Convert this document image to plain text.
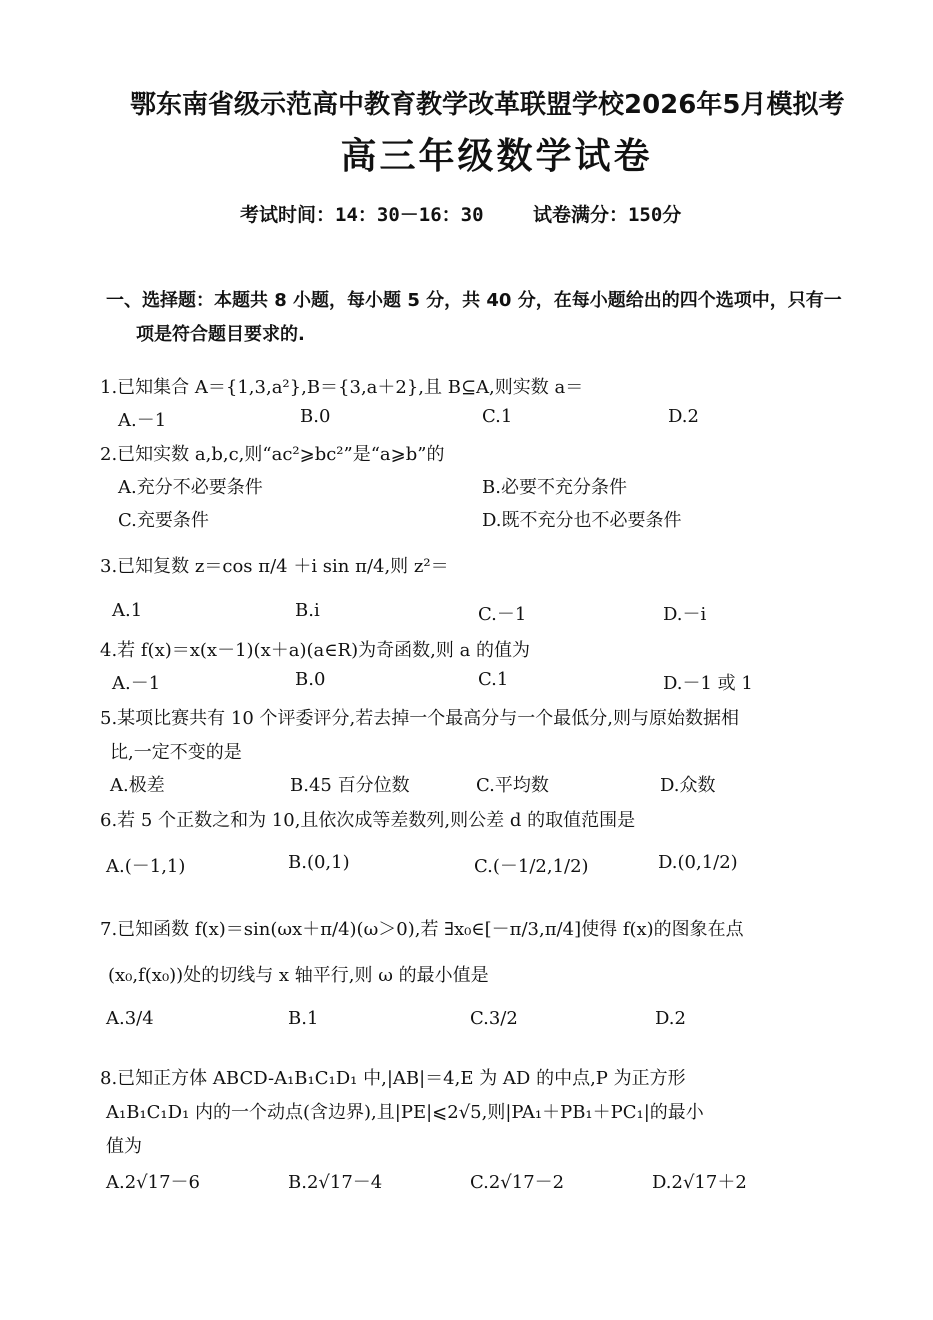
鄂东南省级示范高中教育教学改革联盟学校2026年5月模拟考
高三年级数学试卷
考试时间：14：30－16：30	试卷满分：150分
一、选择题：本题共 8 小题，每小题 5 分，共 40 分，在每小题给出的四个选项中，只有一
项是符合题目要求的.
1.已知集合 A＝{1,3,a²},B＝{3,a＋2},且 B⊆A,则实数 a＝
A.－1	B.0	C.1	D.2
2.已知实数 a,b,c,则“ac²⩾bc²”是“a⩾b”的
A.充分不必要条件	B.必要不充分条件
C.充要条件	D.既不充分也不必要条件
3.已知复数 z＝cos π/4 ＋i sin π/4,则 z²＝
A.1	B.i	C.－1	D.－i
4.若 f(x)＝x(x－1)(x＋a)(a∈R)为奇函数,则 a 的值为
A.－1	B.0	C.1	D.－1 或 1
5.某项比赛共有 10 个评委评分,若去掉一个最高分与一个最低分,则与原始数据相
比,一定不变的是
A.极差	B.45 百分位数	C.平均数	D.众数
6.若 5 个正数之和为 10,且依次成等差数列,则公差 d 的取值范围是
A.(－1,1)	B.(0,1)	C.(－1/2,1/2)	D.(0,1/2)
7.已知函数 f(x)＝sin(ωx＋π/4)(ω＞0),若 ∃x₀∈[－π/3,π/4]使得 f(x)的图象在点
(x₀,f(x₀))处的切线与 x 轴平行,则 ω 的最小值是
A.3/4	B.1	C.3/2	D.2
8.已知正方体 ABCD-A₁B₁C₁D₁ 中,|AB|＝4,E 为 AD 的中点,P 为正方形
A₁B₁C₁D₁ 内的一个动点(含边界),且|PE|⩽2√5,则|PA₁＋PB₁＋PC₁|的最小
值为
A.2√17－6	B.2√17－4	C.2√17－2	D.2√17＋2
